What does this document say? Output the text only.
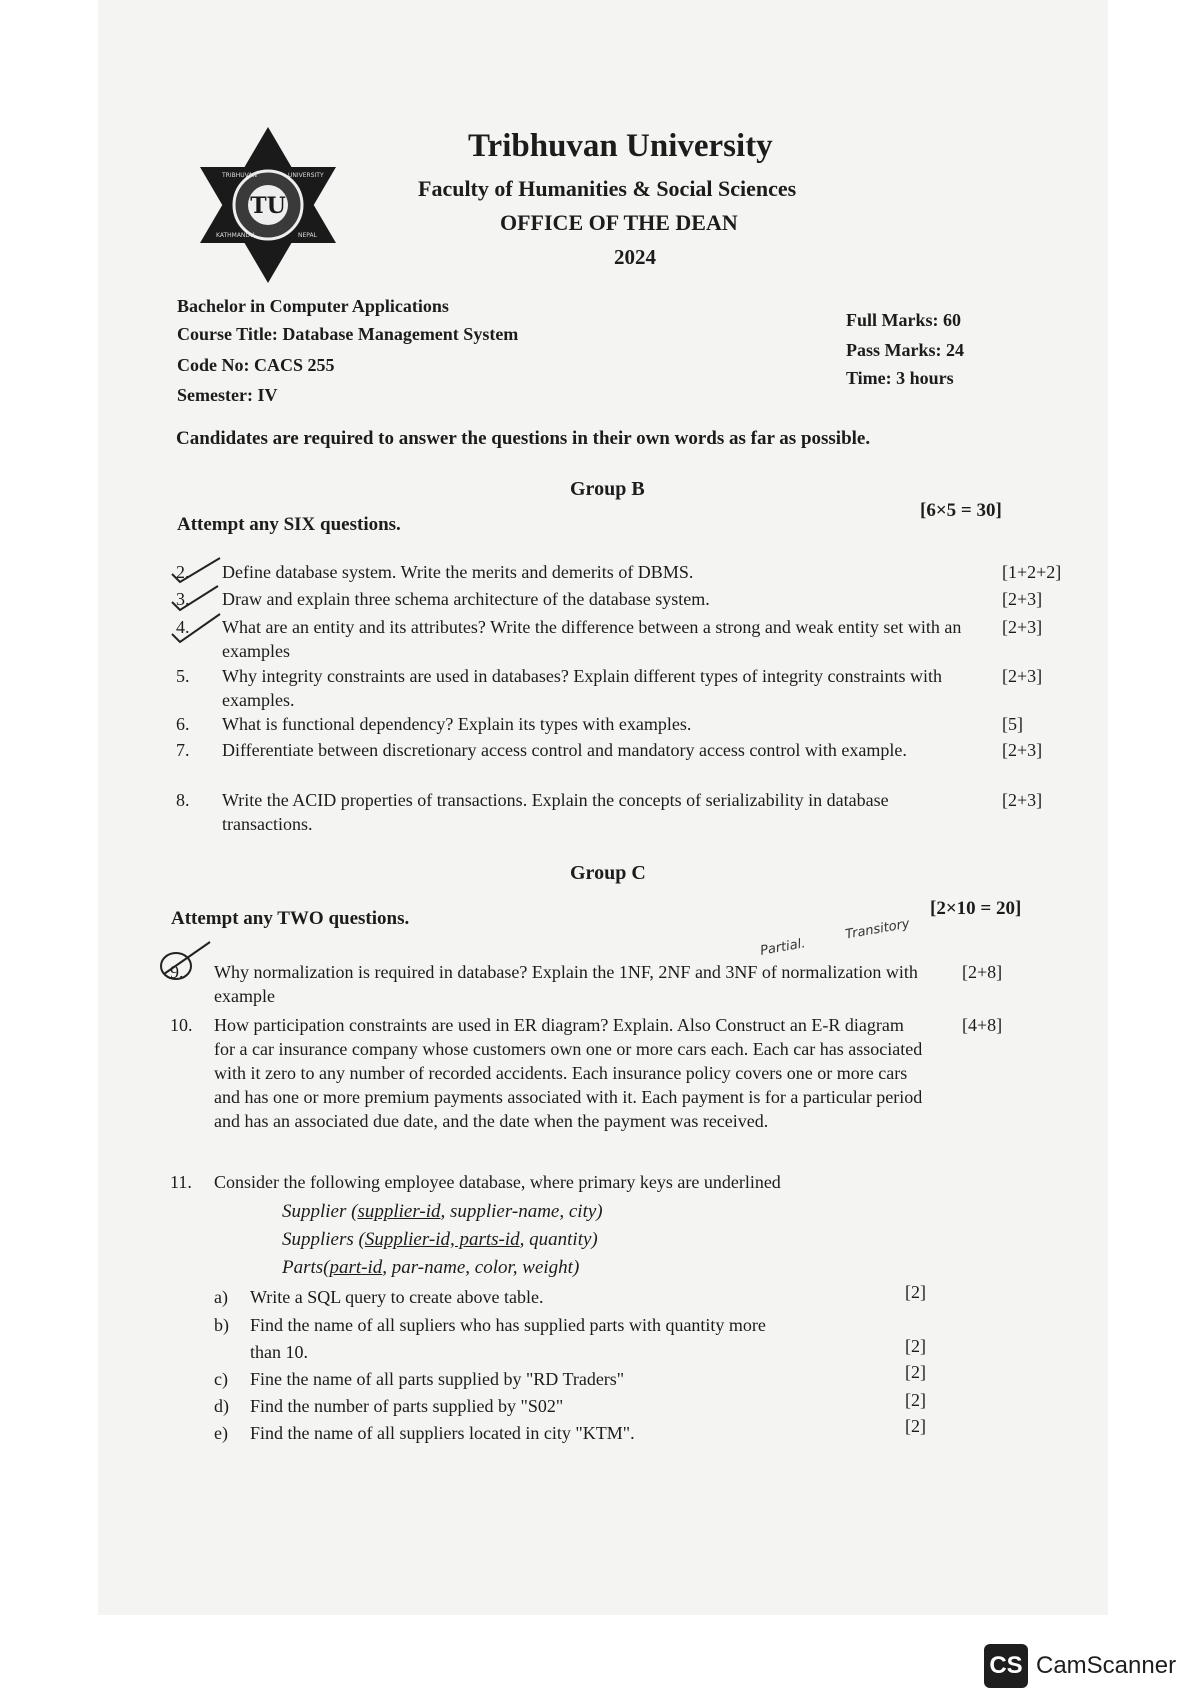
TU
TRIBHUVAN	UNIVERSITY
KATHMANDU	NEPAL
Tribhuvan University
Faculty of Humanities & Social Sciences
OFFICE OF THE DEAN
2024
Bachelor in Computer Applications
Course Title: Database Management System
Code No: CACS 255
Semester: IV
Full Marks: 60
Pass Marks: 24
Time: 3 hours
Candidates are required to answer the questions in their own words as far as possible.
Group B
Attempt any SIX questions.
[6×5 = 30]
2. Define database system. Write the merits and demerits of DBMS.	[1+2+2]
3. Draw and explain three schema architecture of the database system.	[2+3]
4. What are an entity and its attributes? Write the difference between a strong and weak entity set with an examples
[2+3]
5. Why integrity constraints are used in databases? Explain different types of integrity constraints with examples.
[2+3]
6. What is functional dependency? Explain its types with examples.	[5]
7. Differentiate between discretionary access control and mandatory access control with example.	[2+3]
8. Write the ACID properties of transactions. Explain the concepts of serializability in database transactions.
[2+3]
Group C
Attempt any TWO questions.	[2×10 = 20]
Partial.
Transitory
9. Why normalization is required in database? Explain the 1NF, 2NF and 3NF of normalization with example
[2+8]
10. How participation constraints are used in ER diagram? Explain. Also Construct an E-R diagram for a car insurance company whose customers own one or more cars each. Each car has associated with it zero to any number of recorded accidents. Each insurance policy covers one or more cars and has one or more premium payments associated with it. Each payment is for a particular period and has an associated due date, and the date when the payment was received.
[4+8]
11. Consider the following employee database, where primary keys are underlined
Supplier (supplier-id, supplier-name, city)
Suppliers (Supplier-id, parts-id, quantity)
Parts(part-id, par-name, color, weight)
a) Write a SQL query to create above table.	[2]
b) Find the name of all supliers who has supplied parts with quantity more
than 10.	[2]
c) Fine the name of all parts supplied by "RD Traders"	[2]
d) Find the number of parts supplied by "S02"	[2]
e) Find the name of all suppliers located in city "KTM".	[2]
CS CamScanner
